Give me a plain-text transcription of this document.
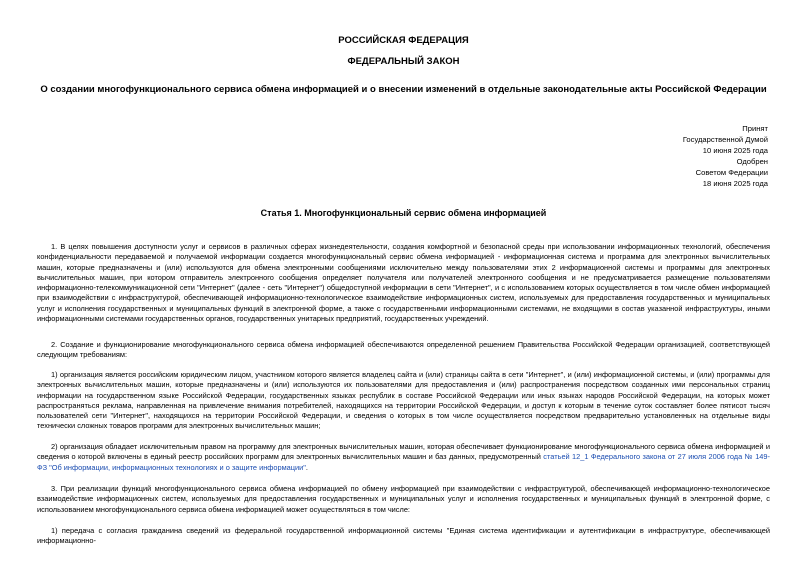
РОССИЙСКАЯ ФЕДЕРАЦИЯ
ФЕДЕРАЛЬНЫЙ ЗАКОН
О создании многофункционального сервиса обмена информацией и о внесении изменений в отдельные законодательные акты Российской Федерации
Принят
Государственной Думой
10 июня 2025 года
Одобрен
Советом Федерации
18 июня 2025 года
Статья 1. Многофункциональный сервис обмена информацией
1. В целях повышения доступности услуг и сервисов в различных сферах жизнедеятельности, создания комфортной и безопасной среды при использовании информационных технологий, обеспечения конфиденциальности передаваемой и получаемой информации создается многофункциональный сервис обмена информацией - информационная система и программа для электронных вычислительных машин, которые предназначены и (или) используются для обмена электронными сообщениями исключительно между пользователями этих 2 информационной системы и программы для электронных вычислительных машин, при котором отправитель электронного сообщения определяет получателя или получателей электронного сообщения и не предусматривается размещение пользователями информационно-телекоммуникационной сети "Интернет" (далее - сеть "Интернет") общедоступной информации в сети "Интернет", и с использованием которых осуществляется в том числе обмен информацией при взаимодействии с инфраструктурой, обеспечивающей информационно-технологическое взаимодействие информационных систем, используемых для предоставления государственных и муниципальных услуг и исполнения государственных и муниципальных функций в электронной форме, а также с государственными информационными системами, не входящими в состав указанной инфраструктуры, иными информационными системами государственных органов, государственных унитарных предприятий, государственных учреждений.
2. Создание и функционирование многофункционального сервиса обмена информацией обеспечиваются определенной решением Правительства Российской Федерации организацией, соответствующей следующим требованиям:
1) организация является российским юридическим лицом, участником которого является владелец сайта и (или) страницы сайта в сети "Интернет", и (или) информационной системы, и (или) программы для электронных вычислительных машин, которые предназначены и (или) используются их пользователями для предоставления и (или) распространения посредством созданных ими персональных страниц информации на государственном языке Российской Федерации, государственных языках республик в составе Российской Федерации или иных языках народов Российской Федерации, на которых может распространяться реклама, направленная на привлечение внимания потребителей, находящихся на территории Российской Федерации, и доступ к которым в течение суток составляет более пятисот тысяч пользователей сети "Интернет", находящихся на территории Российской Федерации, и сведения о которых в том числе осуществляется посредством предварительно установленных на отдельные виды технически сложных товаров программ для электронных вычислительных машин;
2) организация обладает исключительным правом на программу для электронных вычислительных машин, которая обеспечивает функционирование многофункционального сервиса обмена информацией и сведения о которой включены в единый реестр российских программ для электронных вычислительных машин и баз данных, предусмотренный статьей 12_1 Федерального закона от 27 июля 2006 года № 149-ФЗ "Об информации, информационных технологиях и о защите информации".
3. При реализации функций многофункционального сервиса обмена информацией по обмену информацией при взаимодействии с инфраструктурой, обеспечивающей информационно-технологическое взаимодействие информационных систем, используемых для предоставления государственных и муниципальных услуг и исполнения государственных и муниципальных функций в электронной форме, с использованием многофункционального сервиса обмена информацией может осуществляться в том числе:
1) передача с согласия гражданина сведений из федеральной государственной информационной системы "Единая система идентификации и аутентификации в инфраструктуре, обеспечивающей информационно-
